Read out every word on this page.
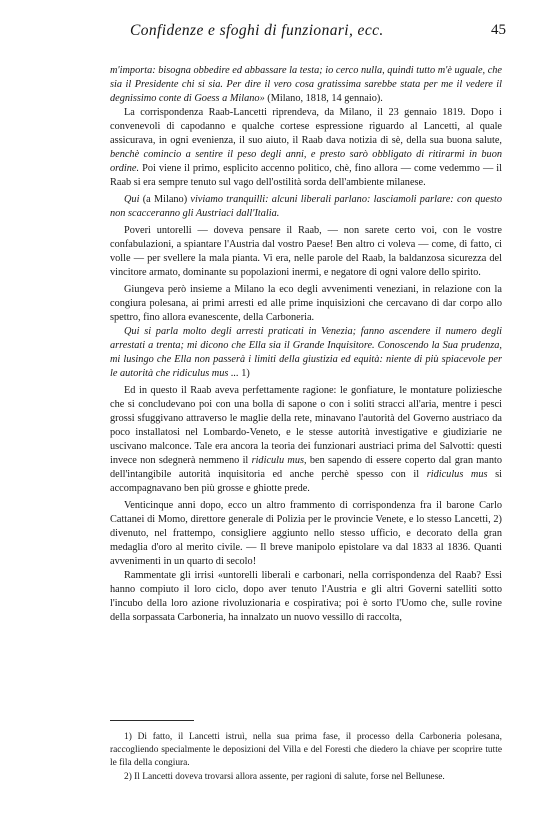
Confidenze e sfoghi di funzionari, ecc.	45

m'importa: bisogna obbedire ed abbassare la testa; io cerco nulla, quindi tutto m'è uguale, che sia il Presidente chi si sia. Per dire il vero cosa gratissima sarebbe stata per me il vedere il degnissimo conte di Goess a Milano» (Milano, 1818, 14 gennaio).

La corrispondenza Raab-Lancetti riprendeva, da Milano, il 23 gennaio 1819. Dopo i convenevoli di capodanno e qualche cortese espressione riguardo al Lancetti, al quale assicurava, in ogni evenienza, il suo aiuto, il Raab dava notizia di sè, della sua buona salute, benchè comincio a sentire il peso degli anni, e presto sarò obbligato di ritirarmi in buon ordine. Poi viene il primo, esplicito accenno politico, chè, fino allora — come vedemmo — il Raab si era sempre tenuto sul vago dell'ostilità sorda dell'ambiente milanese.

Qui (a Milano) viviamo tranquilli: alcuni liberali parlano: lasciamoli parlare: con questo non scacceranno gli Austriaci dall'Italia.

Poveri untorelli — doveva pensare il Raab, — non sarete certo voi, con le vostre confabulazioni, a spiantare l'Austria dal vostro Paese! Ben altro ci voleva — come, di fatto, ci volle — per svellere la mala pianta. Vi era, nelle parole del Raab, la baldanzosa sicurezza del vincitore armato, dominante su popolazioni inermi, e negatore di ogni valore dello spirito.

Giungeva però insieme a Milano la eco degli avvenimenti veneziani, in relazione con la congiura polesana, ai primi arresti ed alle prime inquisizioni che cercavano di dar corpo allo spettro, fino allora evanescente, della Carboneria.

Qui si parla molto degli arresti praticati in Venezia; fanno ascendere il numero degli arrestati a trenta; mi dicono che Ella sia il Grande Inquisitore. Conoscendo la Sua prudenza, mi lusingo che Ella non passerà i limiti della giustizia ed equità: niente di più spiacevole per le autorità che ridiculus mus ... 1)

Ed in questo il Raab aveva perfettamente ragione: le gonfiature, le montature poliziesche che si concludevano poi con una bolla di sapone o con i soliti stracci all'aria, mentre i pesci grossi sfuggivano attraverso le maglie della rete, minavano l'autorità del Governo austriaco da poco installatosi nel Lombardo-Veneto, e le stesse autorità investigative e giudiziarie ne uscivano malconce. Tale era ancora la teoria dei funzionari austriaci prima del Salvotti: questi invece non sdegnerà nemmeno il ridiculu mus, ben sapendo di essere coperto dal gran manto dell'intangibile autorità inquisitoria ed anche perchè spesso con il ridiculus mus si accompagnavano ben più grosse e ghiotte prede.

Venticinque anni dopo, ecco un altro frammento di corrispondenza fra il barone Carlo Cattanei di Momo, direttore generale di Polizia per le provincie Venete, e lo stesso Lancetti, 2) divenuto, nel frattempo, consigliere aggiunto nello stesso ufficio, e decorato della gran medaglia d'oro al merito civile. — Il breve manipolo epistolare va dal 1833 al 1836. Quanti avvenimenti in un quarto di secolo!

Rammentate gli irrisi «untorelli liberali e carbonari, nella corrispondenza del Raab? Essi hanno compiuto il loro ciclo, dopo aver tenuto l'Austria e gli altri Governi satelliti sotto l'incubo della loro azione rivoluzionaria e cospirativa; poi è sorto l'Uomo che, sulle rovine della sorpassata Carboneria, ha innalzato un nuovo vessillo di raccolta,

1) Di fatto, il Lancetti istruì, nella sua prima fase, il processo della Carboneria polesana, raccogliendo specialmente le deposizioni del Villa e del Foresti che diedero la chiave per scoprire tutte le fila della congiura.

2) Il Lancetti doveva trovarsi allora assente, per ragioni di salute, forse nel Bellunese.
